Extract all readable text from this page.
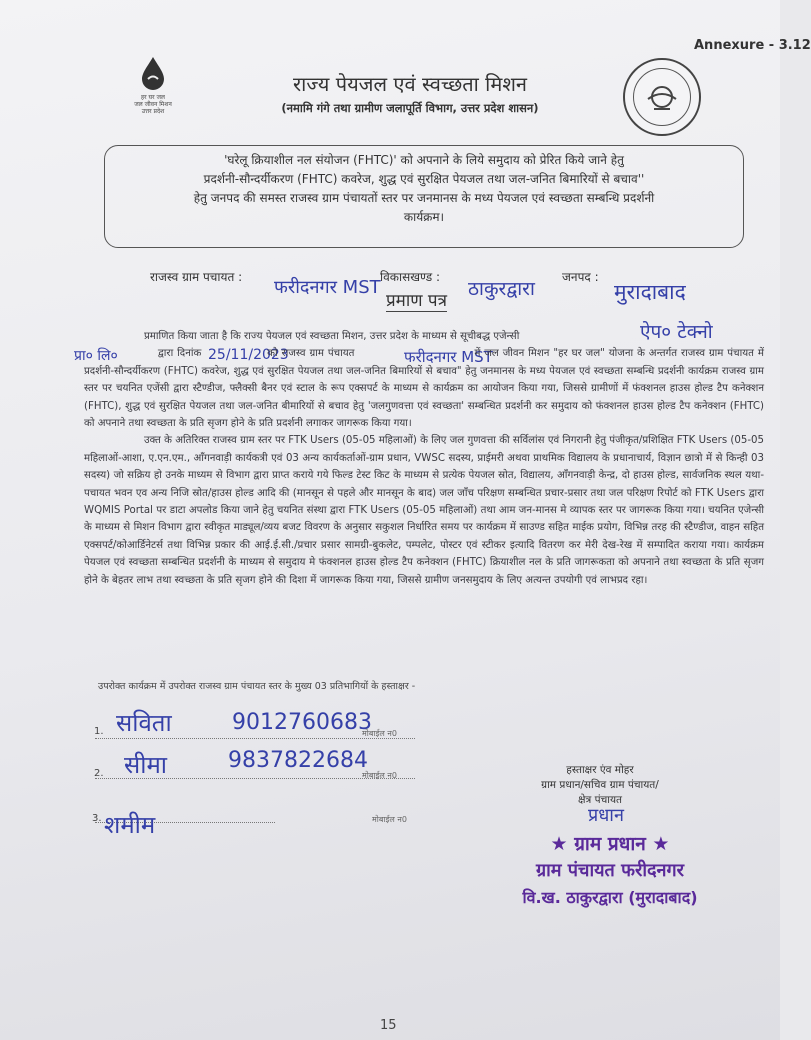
Annexure - 3.12
हर घर जल
जल जीवन मिशन
उत्तर प्रदेश
राज्य पेयजल एवं स्वच्छता मिशन
(नमामि गंगे तथा ग्रामीण जलापूर्ति विभाग, उत्तर प्रदेश शासन)
'घरेलू क्रियाशील नल संयोजन (FHTC)' को अपनाने के लिये समुदाय को प्रेरित किये जाने हेतु
प्रदर्शनी-सौन्दर्यीकरण (FHTC) कवरेज, शुद्ध एवं सुरक्षित पेयजल तथा जल-जनित बिमारियों से बचाव''
हेतु जनपद की समस्त राजस्व ग्राम पंचायतों स्तर पर जनमानस के मध्य पेयजल एवं स्वच्छता सम्बन्धि प्रदर्शनी
कार्यक्रम।
राजस्व ग्राम पचायत : फरीदनगर MST विकासखण्ड :
ठाकुरद्वारा
जनपद :
मुरादाबाद
प्रमाण पत्र
ऐप० टेक्नो
प्रा० लि०	25/11/2023	फरीदनगर MST

प्रमाणित किया जाता है कि राज्य पेयजल एवं स्वच्छता मिशन, उत्तर प्रदेश के माध्यम से सूचीबद्ध एजेन्सी
द्वारा दिनांक	को राजस्व ग्राम पंचायत	में जल जीवन मिशन "हर घर जल" योजना के अन्तर्गत राजस्व ग्राम पंचायत में प्रदर्शनी-सौन्दर्यीकरण (FHTC) कवरेज, शुद्ध एवं सुरक्षित पेयजल तथा जल-जनित बिमारियों से बचाव" हेतु जनमानस के मध्य पेयजल एवं स्वच्छता सम्बन्धि प्रदर्शनी कार्यक्रम राजस्व ग्राम स्तर पर चयनित एजेंसी द्वारा स्टैण्डीज, फ्लैक्सी बैनर एवं स्टाल के रूप एक्सपर्ट के माध्यम से कार्यक्रम का आयोजन किया गया, जिससे ग्रामीणों में फंक्शनल हाउस होल्ड टैप कनेक्शन (FHTC), शुद्ध एवं सुरक्षित पेयजल तथा जल-जनित बीमारियों से बचाव हेतु 'जलगुणवत्ता एवं स्वच्छता' सम्बन्धित प्रदर्शनी कर समुदाय को फंक्शनल हाउस होल्ड टैप कनेक्शन (FHTC) को अपनाने तथा स्वच्छता के प्रति सृजग होने के प्रति प्रदर्शनी लगाकर जागरूक किया गया।

उक्त के अतिरिक्त राजस्व ग्राम स्तर पर FTK Users (05-05 महिलाओं) के लिए जल गुणवत्ता की सर्विलांस एवं निगरानी हेतु पंजीकृत/प्रशिक्षित FTK Users (05-05 महिलाओं-आशा, ए.एन.एम., आँगनवाड़ी कार्यकत्री एवं 03 अन्य कार्यकर्ताओं-ग्राम प्रधान, VWSC सदस्य, प्राईमरी अथवा प्राथमिक विद्यालय के प्रधानाचार्य, विज्ञान छात्रो में से किन्ही 03 सदस्य) जो सक्रिय हो उनके माध्यम से विभाग द्वारा प्राप्त कराये गये फिल्ड टेस्ट किट के माध्यम से प्रत्येक पेयजल स्रोत, विद्यालय, आँगनवाड़ी केन्द्र, दो हाउस होल्ड, सार्वजनिक स्थल यथा-पचायत भवन एव अन्य निजि स्रोत/हाउस होल्ड आदि की (मानसून से पहले और मानसून के बाद) जल जाँच परिक्षण सम्बन्धित प्रचार-प्रसार तथा जल परिक्षण रिपोर्ट को FTK Users द्वारा WQMIS Portal पर डाटा अपलोड किया जाने हेतु चयनित संस्था द्वारा FTK Users (05-05 महिलाओं) तथा आम जन-मानस मे व्यापक स्तर पर जागरूक किया गया। चयनित एजेन्सी के माध्यम से मिशन विभाग द्वारा स्वीकृत माड्यूल/व्यय बजट विवरण के अनुसार सकुशल निर्धारित समय पर कार्यक्रम में साउण्ड सहित माईक प्रयोग, विभिन्न तरह की स्टैण्डीज, वाहन सहित एक्सपर्ट/कोआर्डिनेटर्स तथा विभिन्न प्रकार की आई.ई.सी./प्रचार प्रसार सामग्री-बुकलेट, पम्पलेट, पोस्टर एवं स्टीकर इत्यादि वितरण कर मेरी देख-रेख में सम्पादित कराया गया। कार्यक्रम पेयजल एवं स्वच्छता सम्बन्धित प्रदर्शनी के माध्यम से समुदाय मे फंक्शनल हाउस होल्ड टैप कनेक्शन (FHTC) क्रियाशील नल के प्रति जागरूकता को अपनाने तथा स्वच्छता के प्रति सृजग होने के बेहतर लाभ तथा स्वच्छता के प्रति सृजग होने की दिशा में जागरूक किया गया, जिससे ग्रामीण जनसमुदाय के लिए अत्यन्त उपयोगी एवं लाभप्रद रहा।

उपरोक्त कार्यक्रम में उपरोक्त राजस्व ग्राम पंचायत स्तर के मुख्य 03 प्रतिभागियों के हस्ताक्षर -
1. सविता	9012760683
मोबाईल न0
2. सीमा	9837822684
मोबाईल न0
3. शमीम	मोबाईल न0
हस्ताक्षर एंव मोहर
ग्राम प्रधान/सचिव ग्राम पंचायत/
क्षेत्र पंचायत
प्रधान
★ ग्राम प्रधान ★
ग्राम पंचायत फरीदनगर
वि.ख. ठाकुरद्वारा (मुरादाबाद)
15
